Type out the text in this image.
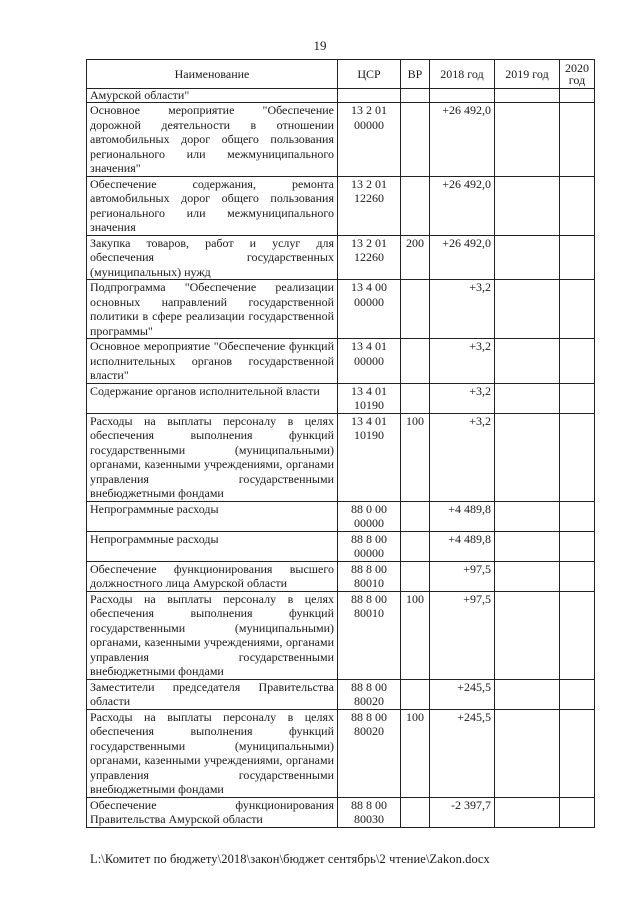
19
Наименование	ЦСР	ВР	2018 год	2019 год	2020 год
Амурской области"					
Основное мероприятие "Обеспечение дорожной деятельности в отношении автомобильных дорог общего пользования регионального или межмуниципального значения"	13 2 01 00000		+26 492,0		
Обеспечение содержания, ремонта автомобильных дорог общего пользования регионального или межмуниципального значения	13 2 01 12260		+26 492,0		
Закупка товаров, работ и услуг для обеспечения государственных (муниципальных) нужд	13 2 01 12260	200	+26 492,0		
Подпрограмма "Обеспечение реализации основных направлений государственной политики в сфере реализации государственной программы"	13 4 00 00000		+3,2		
Основное мероприятие "Обеспечение функций исполнительных органов государственной власти"	13 4 01 00000		+3,2		
Содержание органов исполнительной власти	13 4 01 10190		+3,2		
Расходы на выплаты персоналу в целях обеспечения выполнения функций государственными (муниципальными) органами, казенными учреждениями, органами управления государственными внебюджетными фондами	13 4 01 10190	100	+3,2		
Непрограммные расходы	88 0 00 00000		+4 489,8		
Непрограммные расходы	88 8 00 00000		+4 489,8		
Обеспечение функционирования высшего должностного лица Амурской области	88 8 00 80010		+97,5		
Расходы на выплаты персоналу в целях обеспечения выполнения функций государственными (муниципальными) органами, казенными учреждениями, органами управления государственными внебюджетными фондами	88 8 00 80010	100	+97,5		
Заместители председателя Правительства области	88 8 00 80020		+245,5		
Расходы на выплаты персоналу в целях обеспечения выполнения функций государственными (муниципальными) органами, казенными учреждениями, органами управления государственными внебюджетными фондами	88 8 00 80020	100	+245,5		
Обеспечение функционирования Правительства Амурской области	88 8 00 80030		-2 397,7		
L:\Комитет по бюджету\2018\закон\бюджет сентябрь\2 чтение\Zakon.docx
